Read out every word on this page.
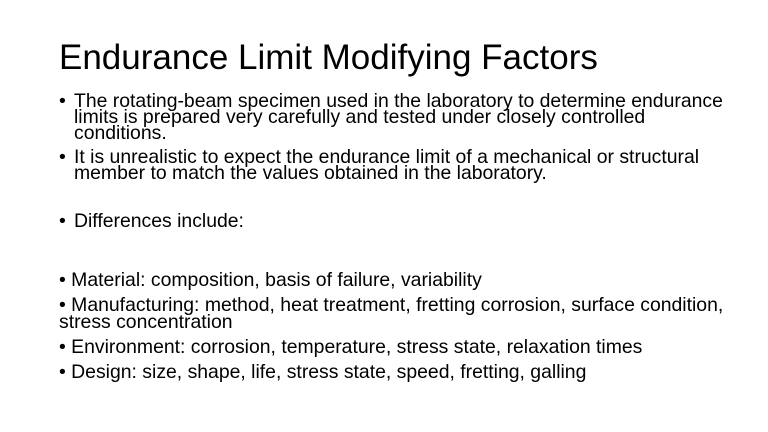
Endurance Limit Modifying Factors
• The rotating-beam specimen used in the laboratory to determine endurance limits is prepared very carefully and tested under closely controlled conditions.
• It is unrealistic to expect the endurance limit of a mechanical or structural member to match the values obtained in the laboratory.
• Differences include:
• Material: composition, basis of failure, variability
• Manufacturing: method, heat treatment, fretting corrosion, surface condition, stress concentration
• Environment: corrosion, temperature, stress state, relaxation times
• Design: size, shape, life, stress state, speed, fretting, galling
